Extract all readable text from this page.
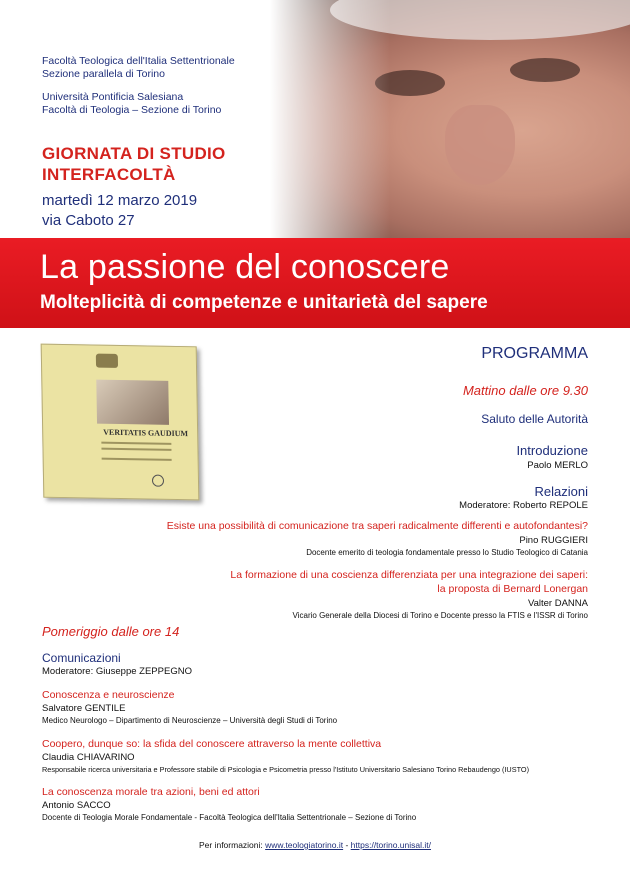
Facoltà Teologica dell'Italia Settentrionale
Sezione parallela di Torino
Università Pontificia Salesiana
Facoltà di Teologia – Sezione di Torino
GIORNATA DI STUDIO
INTERFACOLTÀ
martedì 12 marzo 2019
via Caboto 27
La passione del conoscere
Molteplicità di competenze e unitarietà del sapere
VERITATIS GAUDIUM
PROGRAMMA
Mattino dalle ore 9.30
Saluto delle Autorità
Introduzione
Paolo MERLO
Relazioni
Moderatore: Roberto REPOLE
Esiste una possibilità di comunicazione tra saperi radicalmente differenti e autofondantesi?
Pino RUGGIERI
Docente emerito di teologia fondamentale presso lo Studio Teologico di Catania
La formazione di una coscienza differenziata per una integrazione dei saperi:
la proposta di Bernard Lonergan
Valter DANNA
Vicario Generale della Diocesi di Torino e Docente presso la FTIS e l'ISSR di Torino
Pomeriggio dalle ore 14
Comunicazioni
Moderatore: Giuseppe ZEPPEGNO
Conoscenza e neuroscienze
Salvatore GENTILE
Medico Neurologo – Dipartimento di Neuroscienze – Università degli Studi di Torino
Coopero, dunque so: la sfida del conoscere attraverso la mente collettiva
Claudia CHIAVARINO
Responsabile ricerca universitaria e Professore stabile di Psicologia e Psicometria presso l'Istituto Universitario Salesiano Torino Rebaudengo (IUSTO)
La conoscenza morale tra azioni, beni ed attori
Antonio SACCO
Docente di Teologia Morale Fondamentale - Facoltà Teologica dell'Italia Settentrionale – Sezione di Torino
Per informazioni: www.teologiatorino.it - https://torino.unisal.it/
